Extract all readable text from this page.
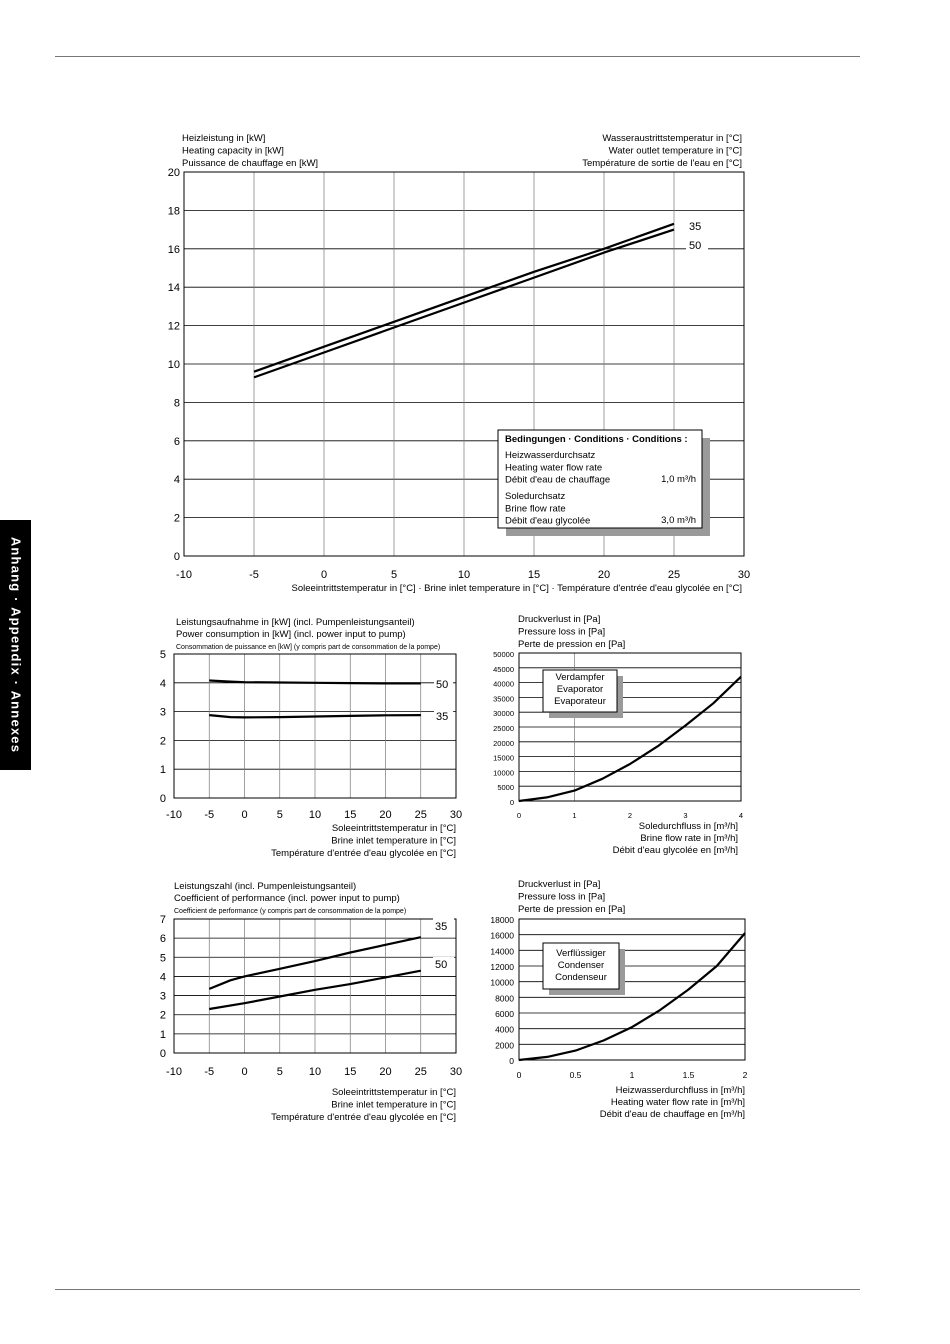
Anhang · Appendix · Annexes	0
2
4
6
8
10
12
14
16
18
20
-10	-5	0	5	10	15	20	25	30
Heizleistung in [kW]
Heating capacity in [kW]
Puissance de chauffage en [kW]
Wasseraustrittstemperatur in [°C]
Water outlet temperature in [°C]
Température de sortie de l'eau en [°C]
Soleeintrittstemperatur in [°C] · Brine inlet temperature in [°C] · Température d'entrée d'eau glycolée en [°C]
35
50
Bedingungen · Conditions · Conditions :
Heizwasserdurchsatz
Heating water flow rate
Débit d'eau de chauffage	1,0 m³/h
Soledurchsatz
Brine flow rate
Débit d'eau glycolée	3,0 m³/h
0
1
2
3
4
5
-10 -5 0	5 10 15 20 25 30
Leistungsaufnahme in [kW] (incl. Pumpenleistungsanteil)
Power consumption in [kW] (incl. power input to pump)
Consommation de puissance en [kW] (y compris part de consommation de la pompe)
Soleeintrittstemperatur in [°C]
Brine inlet temperature in [°C]
Température d'entrée d'eau glycolée en [°C]
50
35
0
1
2
3
4
5
6
7
-10 -5 0	5 10 15 20 25 30
Leistungszahl (incl. Pumpenleistungsanteil)
Coefficient of performance (incl. power input to pump)
Coefficient de performance (y compris part de consommation de la pompe)
Soleeintrittstemperatur in [°C]
Brine inlet temperature in [°C]
Température d'entrée d'eau glycolée en [°C]
35
50
0
5000
10000
15000
20000
25000
30000
35000
40000
45000
50000
0	1	2	3	4
Druckverlust in [Pa]
Pressure loss in [Pa]
Perte de pression en [Pa]
Soledurchfluss in [m³/h]
Brine flow rate in [m³/h]
Débit d'eau glycolée en [m³/h]
Verdampfer
Evaporator
Evaporateur
0
2000
4000
6000
8000
10000
12000
14000
16000
18000
0	0.5	1	1.5	2
Druckverlust in [Pa]
Pressure loss in [Pa]
Perte de pression en [Pa]
Heizwasserdurchfluss in [m³/h]
Heating water flow rate in [m³/h]
Débit d'eau de chauffage en [m³/h]
Verflüssiger
Condenser
Condenseur
